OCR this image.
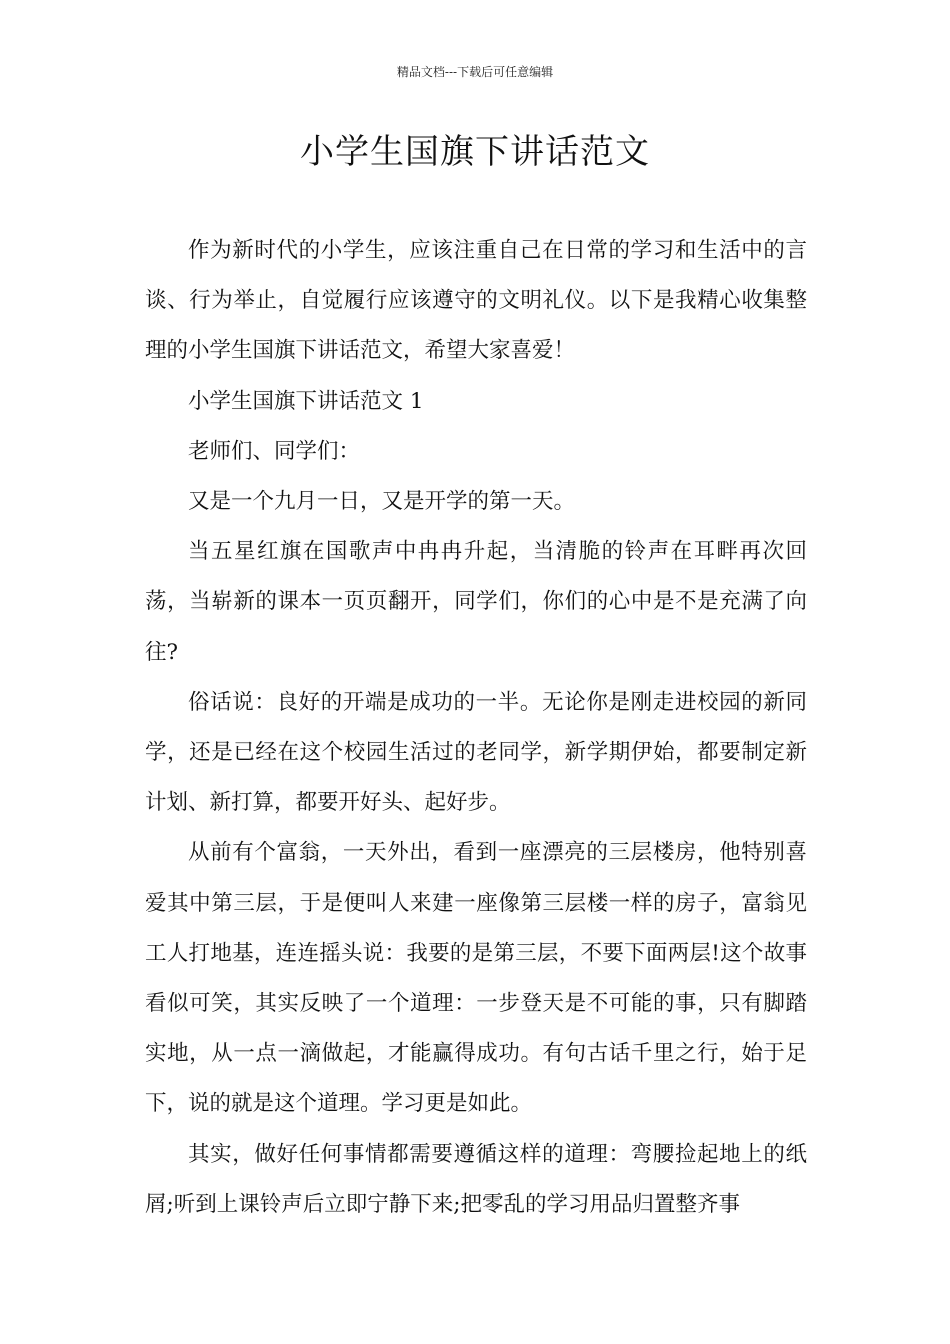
精品文档---下载后可任意编辑
小学生国旗下讲话范文

作为新时代的小学生，应该注重自己在日常的学习和生活中的言谈、行为举止，自觉履行应该遵守的文明礼仪。以下是我精心收集整理的小学生国旗下讲话范文，希望大家喜爱！

小学生国旗下讲话范文 1

老师们、同学们：

又是一个九月一日，又是开学的第一天。

当五星红旗在国歌声中冉冉升起，当清脆的铃声在耳畔再次回荡，当崭新的课本一页页翻开，同学们，你们的心中是不是充满了向往?

俗话说：良好的开端是成功的一半。无论你是刚走进校园的新同学，还是已经在这个校园生活过的老同学，新学期伊始，都要制定新计划、新打算，都要开好头、起好步。

从前有个富翁，一天外出，看到一座漂亮的三层楼房，他特别喜爱其中第三层，于是便叫人来建一座像第三层楼一样的房子，富翁见工人打地基，连连摇头说：我要的是第三层，不要下面两层!这个故事看似可笑，其实反映了一个道理：一步登天是不可能的事，只有脚踏实地，从一点一滴做起，才能赢得成功。有句古话千里之行，始于足下，说的就是这个道理。学习更是如此。

其实，做好任何事情都需要遵循这样的道理：弯腰捡起地上的纸屑;听到上课铃声后立即宁静下来;把零乱的学习用品归置整齐事
